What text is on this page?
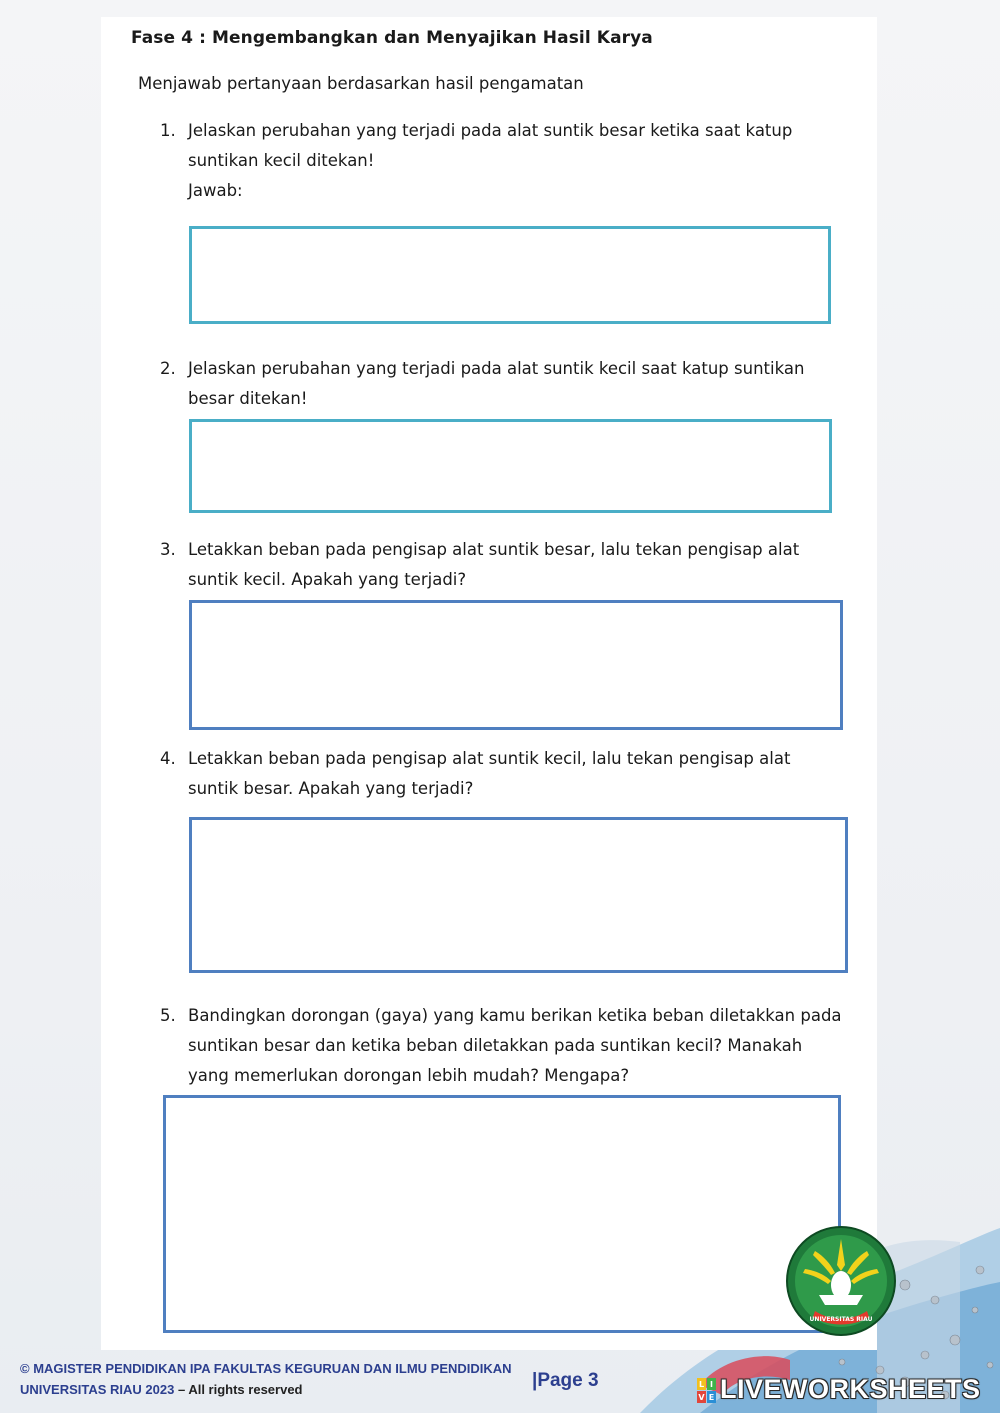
Fase 4 : Mengembangkan dan Menyajikan Hasil Karya
Menjawab pertanyaan berdasarkan hasil pengamatan
1. Jelaskan perubahan yang terjadi pada alat suntik besar ketika saat katup
suntikan kecil ditekan!
Jawab:
2. Jelaskan perubahan yang terjadi pada alat suntik kecil saat katup suntikan
besar ditekan!
3. Letakkan beban pada pengisap alat suntik besar, lalu tekan pengisap alat
suntik kecil. Apakah yang terjadi?
4. Letakkan beban pada pengisap alat suntik kecil, lalu tekan pengisap alat
suntik besar. Apakah yang terjadi?
5. Bandingkan dorongan (gaya) yang kamu berikan ketika beban diletakkan pada
suntikan besar dan ketika beban diletakkan pada suntikan kecil? Manakah
yang memerlukan dorongan lebih mudah? Mengapa?
UNIVERSITAS RIAU
© MAGISTER PENDIDIKAN IPA FAKULTAS KEGURUAN DAN ILMU PENDIDIKAN
UNIVERSITAS RIAU 2023 – All rights reserved	|Page 3	L I
V E LIVEWORKSHEETS
